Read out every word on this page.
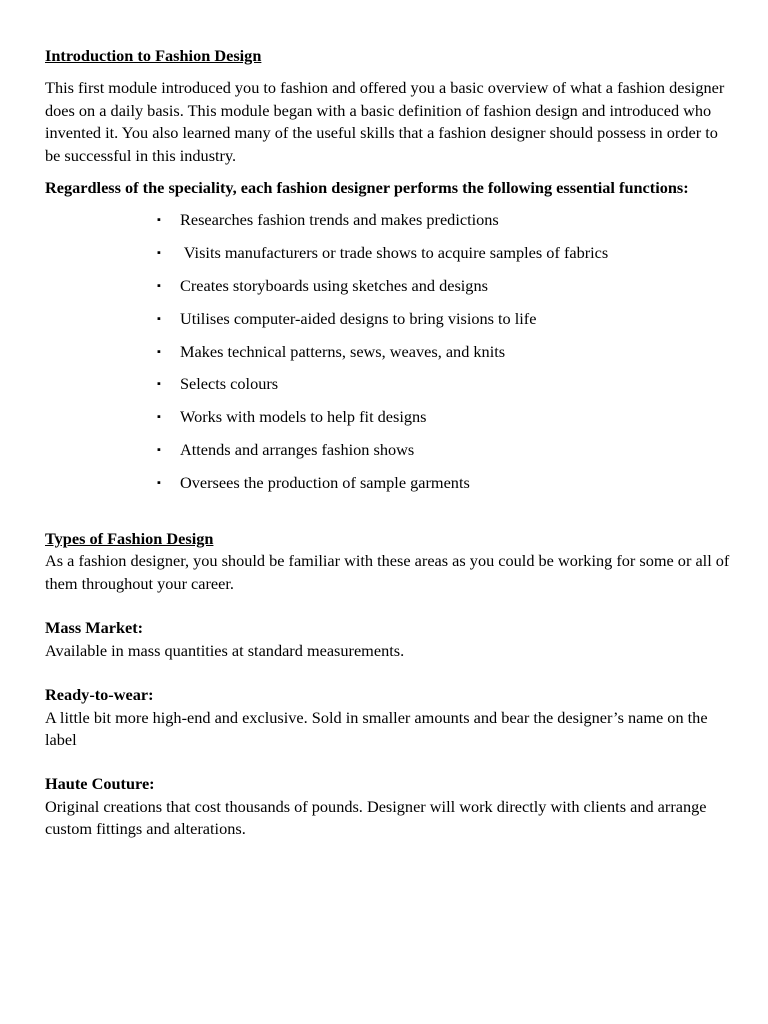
Introduction to Fashion Design

This first module introduced you to fashion and offered you a basic overview of what a fashion designer does on a daily basis. This module began with a basic definition of fashion design and introduced who invented it. You also learned many of the useful skills that a fashion designer should possess in order to be successful in this industry.

Regardless of the speciality, each fashion designer performs the following essential functions:

▪ Researches fashion trends and makes predictions
▪ Visits manufacturers or trade shows to acquire samples of fabrics
▪ Creates storyboards using sketches and designs
▪ Utilises computer-aided designs to bring visions to life
▪ Makes technical patterns, sews, weaves, and knits
▪ Selects colours
▪ Works with models to help fit designs
▪ Attends and arranges fashion shows
▪ Oversees the production of sample garments

Types of Fashion Design

As a fashion designer, you should be familiar with these areas as you could be working for some or all of them throughout your career.

Mass Market:

Available in mass quantities at standard measurements.

Ready-to-wear:

A little bit more high-end and exclusive. Sold in smaller amounts and bear the designer’s name on the label

Haute Couture:

Original creations that cost thousands of pounds. Designer will work directly with clients and arrange custom fittings and alterations.
